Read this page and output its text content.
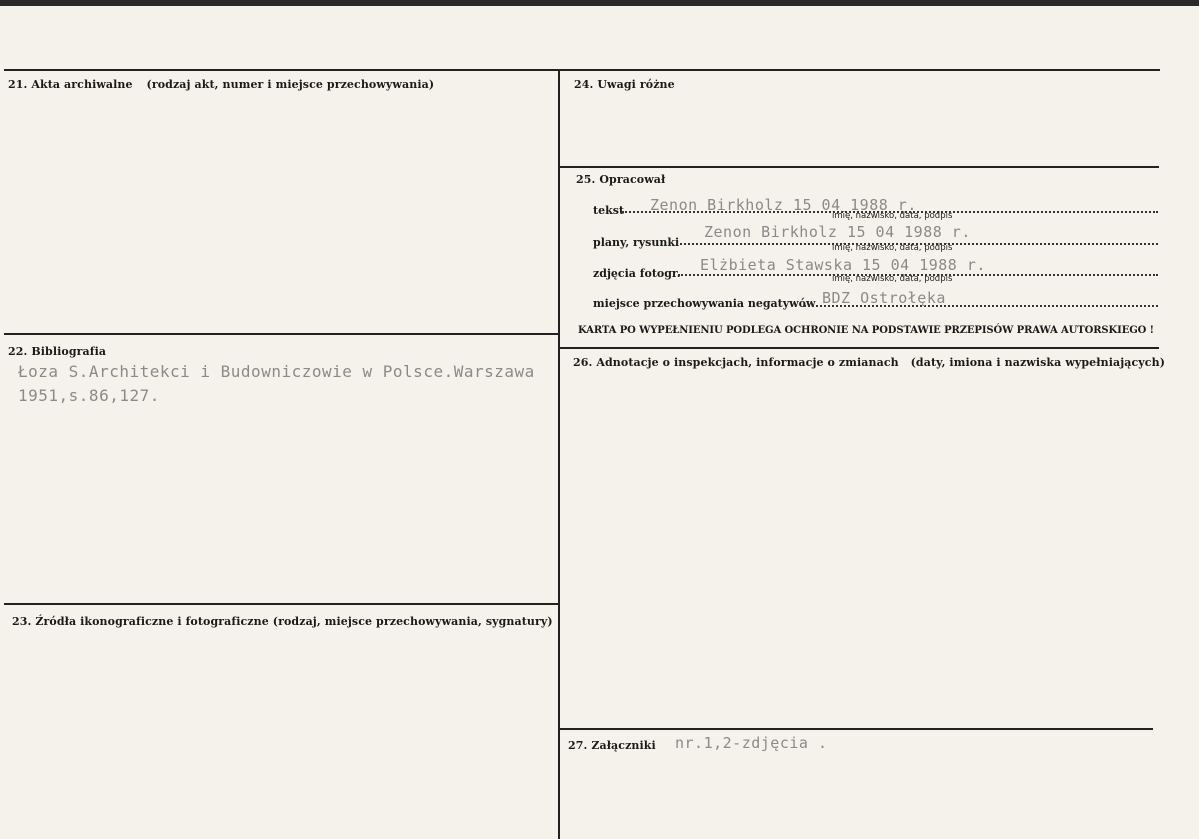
21. Akta archiwalne (rodzaj akt, numer i miejsce przechowywania)
22. Bibliografia
Łoza S.Architekci i Budowniczowie w Polsce.Warszawa
1951,s.86,127.
23. Źródła ikonograficzne i fotograficzne (rodzaj, miejsce przechowywania, sygnatury)
24. Uwagi różne
25. Opracował
tekst Zenon Birkholz 15 04 1988 r.
imię, nazwisko, data, podpis
plany, rysunki
Zenon Birkholz 15 04 1988 r.
imię, nazwisko, data, podpis
zdjęcia fotogr. Elżbieta Stawska 15 04 1988 r.
imię, nazwisko, data, podpis
miejsce przechowywania negatywów BDZ Ostrołęka
KARTA PO WYPEŁNIENIU PODLEGA OCHRONIE NA PODSTAWIE PRZEPISÓW PRAWA AUTORSKIEGO !
26. Adnotacje o inspekcjach, informacje o zmianach (daty, imiona i nazwiska wypełniających)
27. Załączniki nr.1,2-zdjęcia .
